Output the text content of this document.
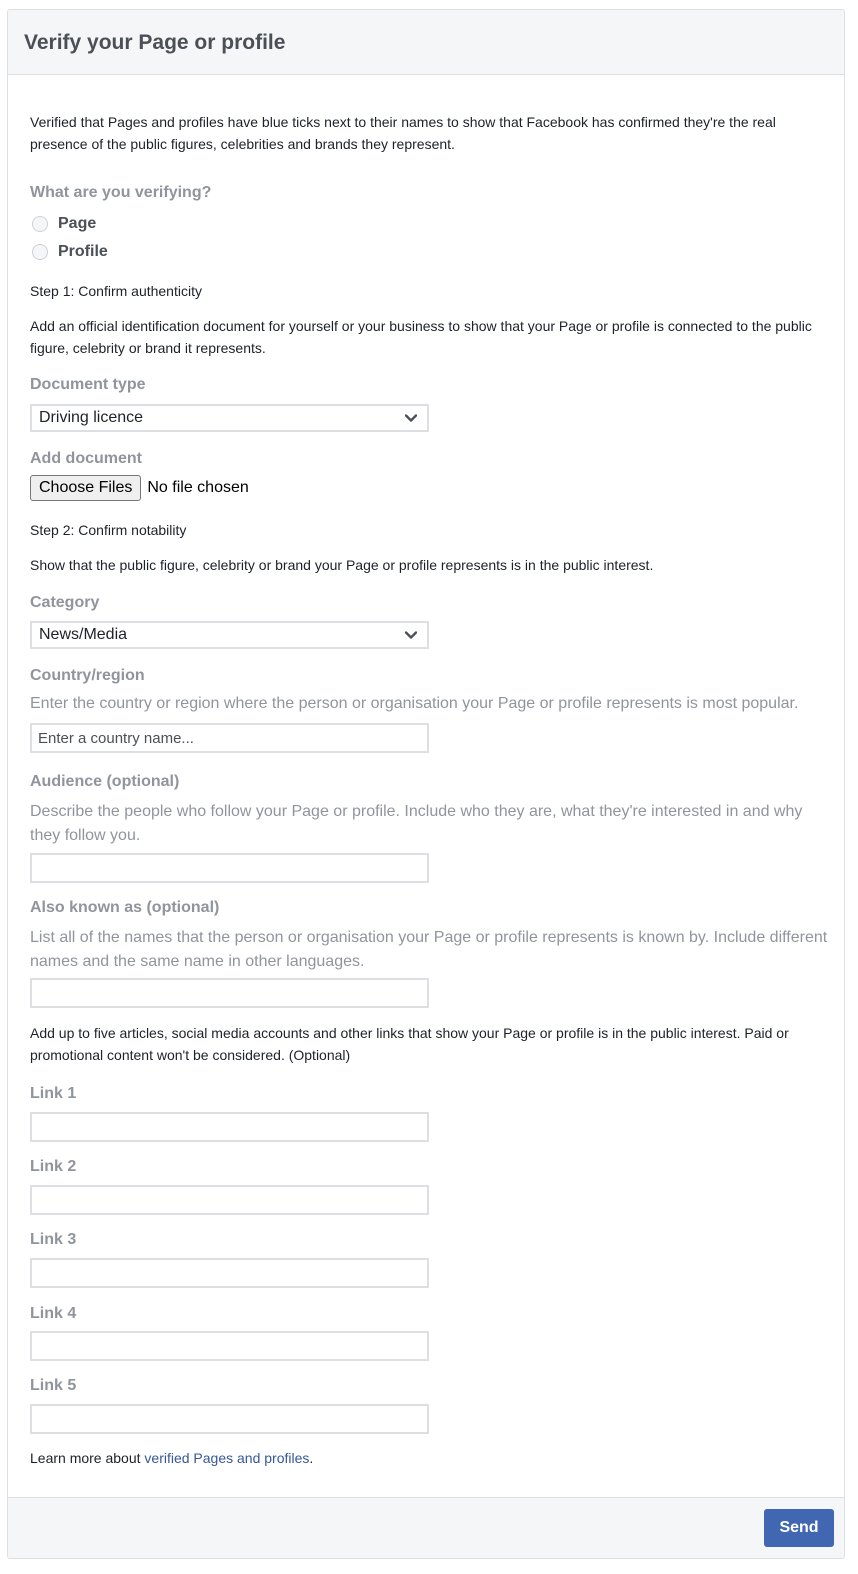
Verify your Page or profile

Verified that Pages and profiles have blue ticks next to their names to show that Facebook has confirmed they're the real presence of the public figures, celebrities and brands they represent.

What are you verifying?

Page
Profile

Step 1: Confirm authenticity

Add an official identification document for yourself or your business to show that your Page or profile is connected to the public figure, celebrity or brand it represents.

Document type

Driving licence

Add document

Choose Files No file chosen

Step 2: Confirm notability

Show that the public figure, celebrity or brand your Page or profile represents is in the public interest.

Category

News/Media

Country/region

Enter the country or region where the person or organisation your Page or profile represents is most popular.

Enter a country name...

Audience (optional)

Describe the people who follow your Page or profile. Include who they are, what they're interested in and why they follow you.

Also known as (optional)

List all of the names that the person or organisation your Page or profile represents is known by. Include different names and the same name in other languages.

Add up to five articles, social media accounts and other links that show your Page or profile is in the public interest. Paid or promotional content won't be considered. (Optional)

Link 1

Link 2

Link 3

Link 4

Link 5

Learn more about verified Pages and profiles.

Send
